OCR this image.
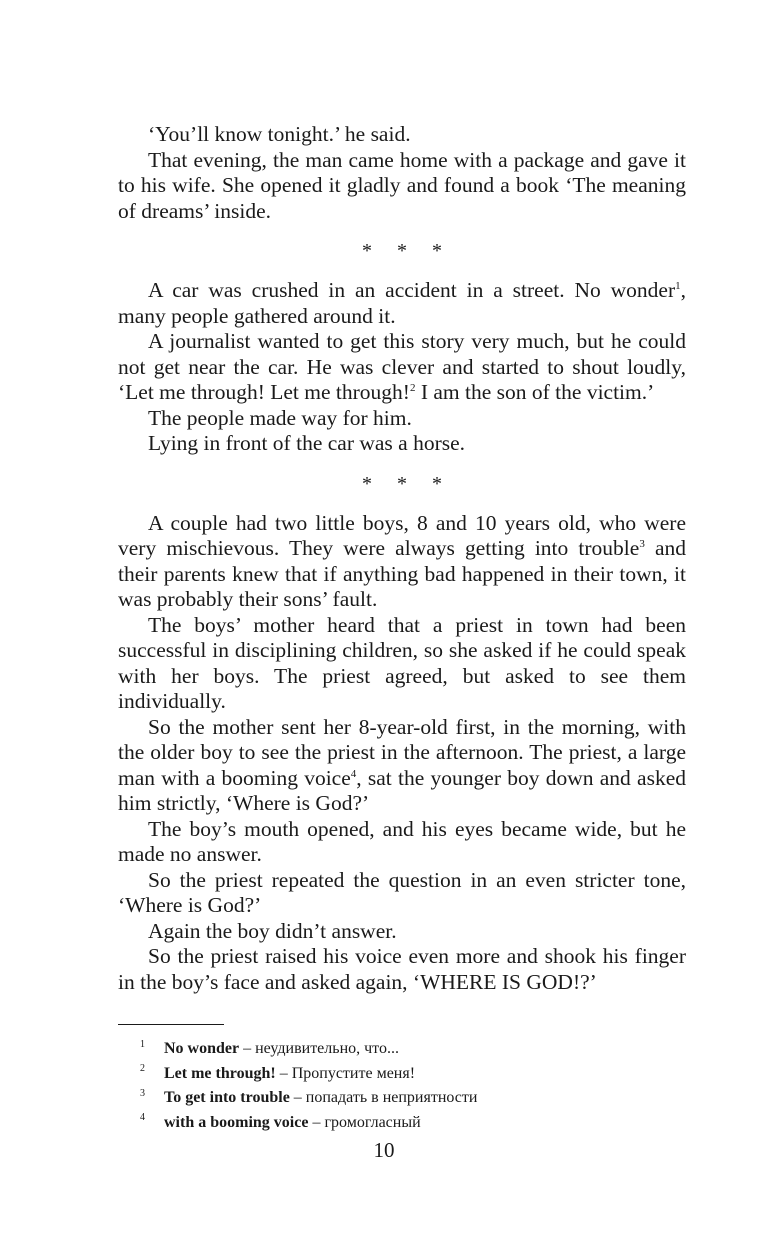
‘You’ll know tonight.’ he said.

That evening, the man came home with a package and gave it to his wife. She opened it gladly and found a book ‘The meaning of dreams’ inside.

* * *

A car was crushed in an accident in a street. No wonder$^1$, many people gathered around it.

A journalist wanted to get this story very much, but he could not get near the car. He was clever and started to shout loudly, ‘Let me through! Let me through!$^2$ I am the son of the victim.’

The people made way for him.

Lying in front of the car was a horse.

* * *

A couple had two little boys, 8 and 10 years old, who were very mischievous. They were always getting into trouble$^3$ and their parents knew that if anything bad happened in their town, it was probably their sons’ fault.

The boys’ mother heard that a priest in town had been successful in disciplining children, so she asked if he could speak with her boys. The priest agreed, but asked to see them individually.

So the mother sent her 8-year-old first, in the morning, with the older boy to see the priest in the afternoon. The priest, a large man with a booming voice$^4$, sat the younger boy down and asked him strictly, ‘Where is God?’

The boy’s mouth opened, and his eyes became wide, but he made no answer.

So the priest repeated the question in an even stricter tone, ‘Where is God?’

Again the boy didn’t answer.

So the priest raised his voice even more and shook his finger in the boy’s face and asked again, ‘WHERE IS GOD!?’

1 No wonder – неудивительно, что...
2 Let me through! – Пропустите меня!
3 To get into trouble – попадать в неприятности
4 with a booming voice – громогласный
10
